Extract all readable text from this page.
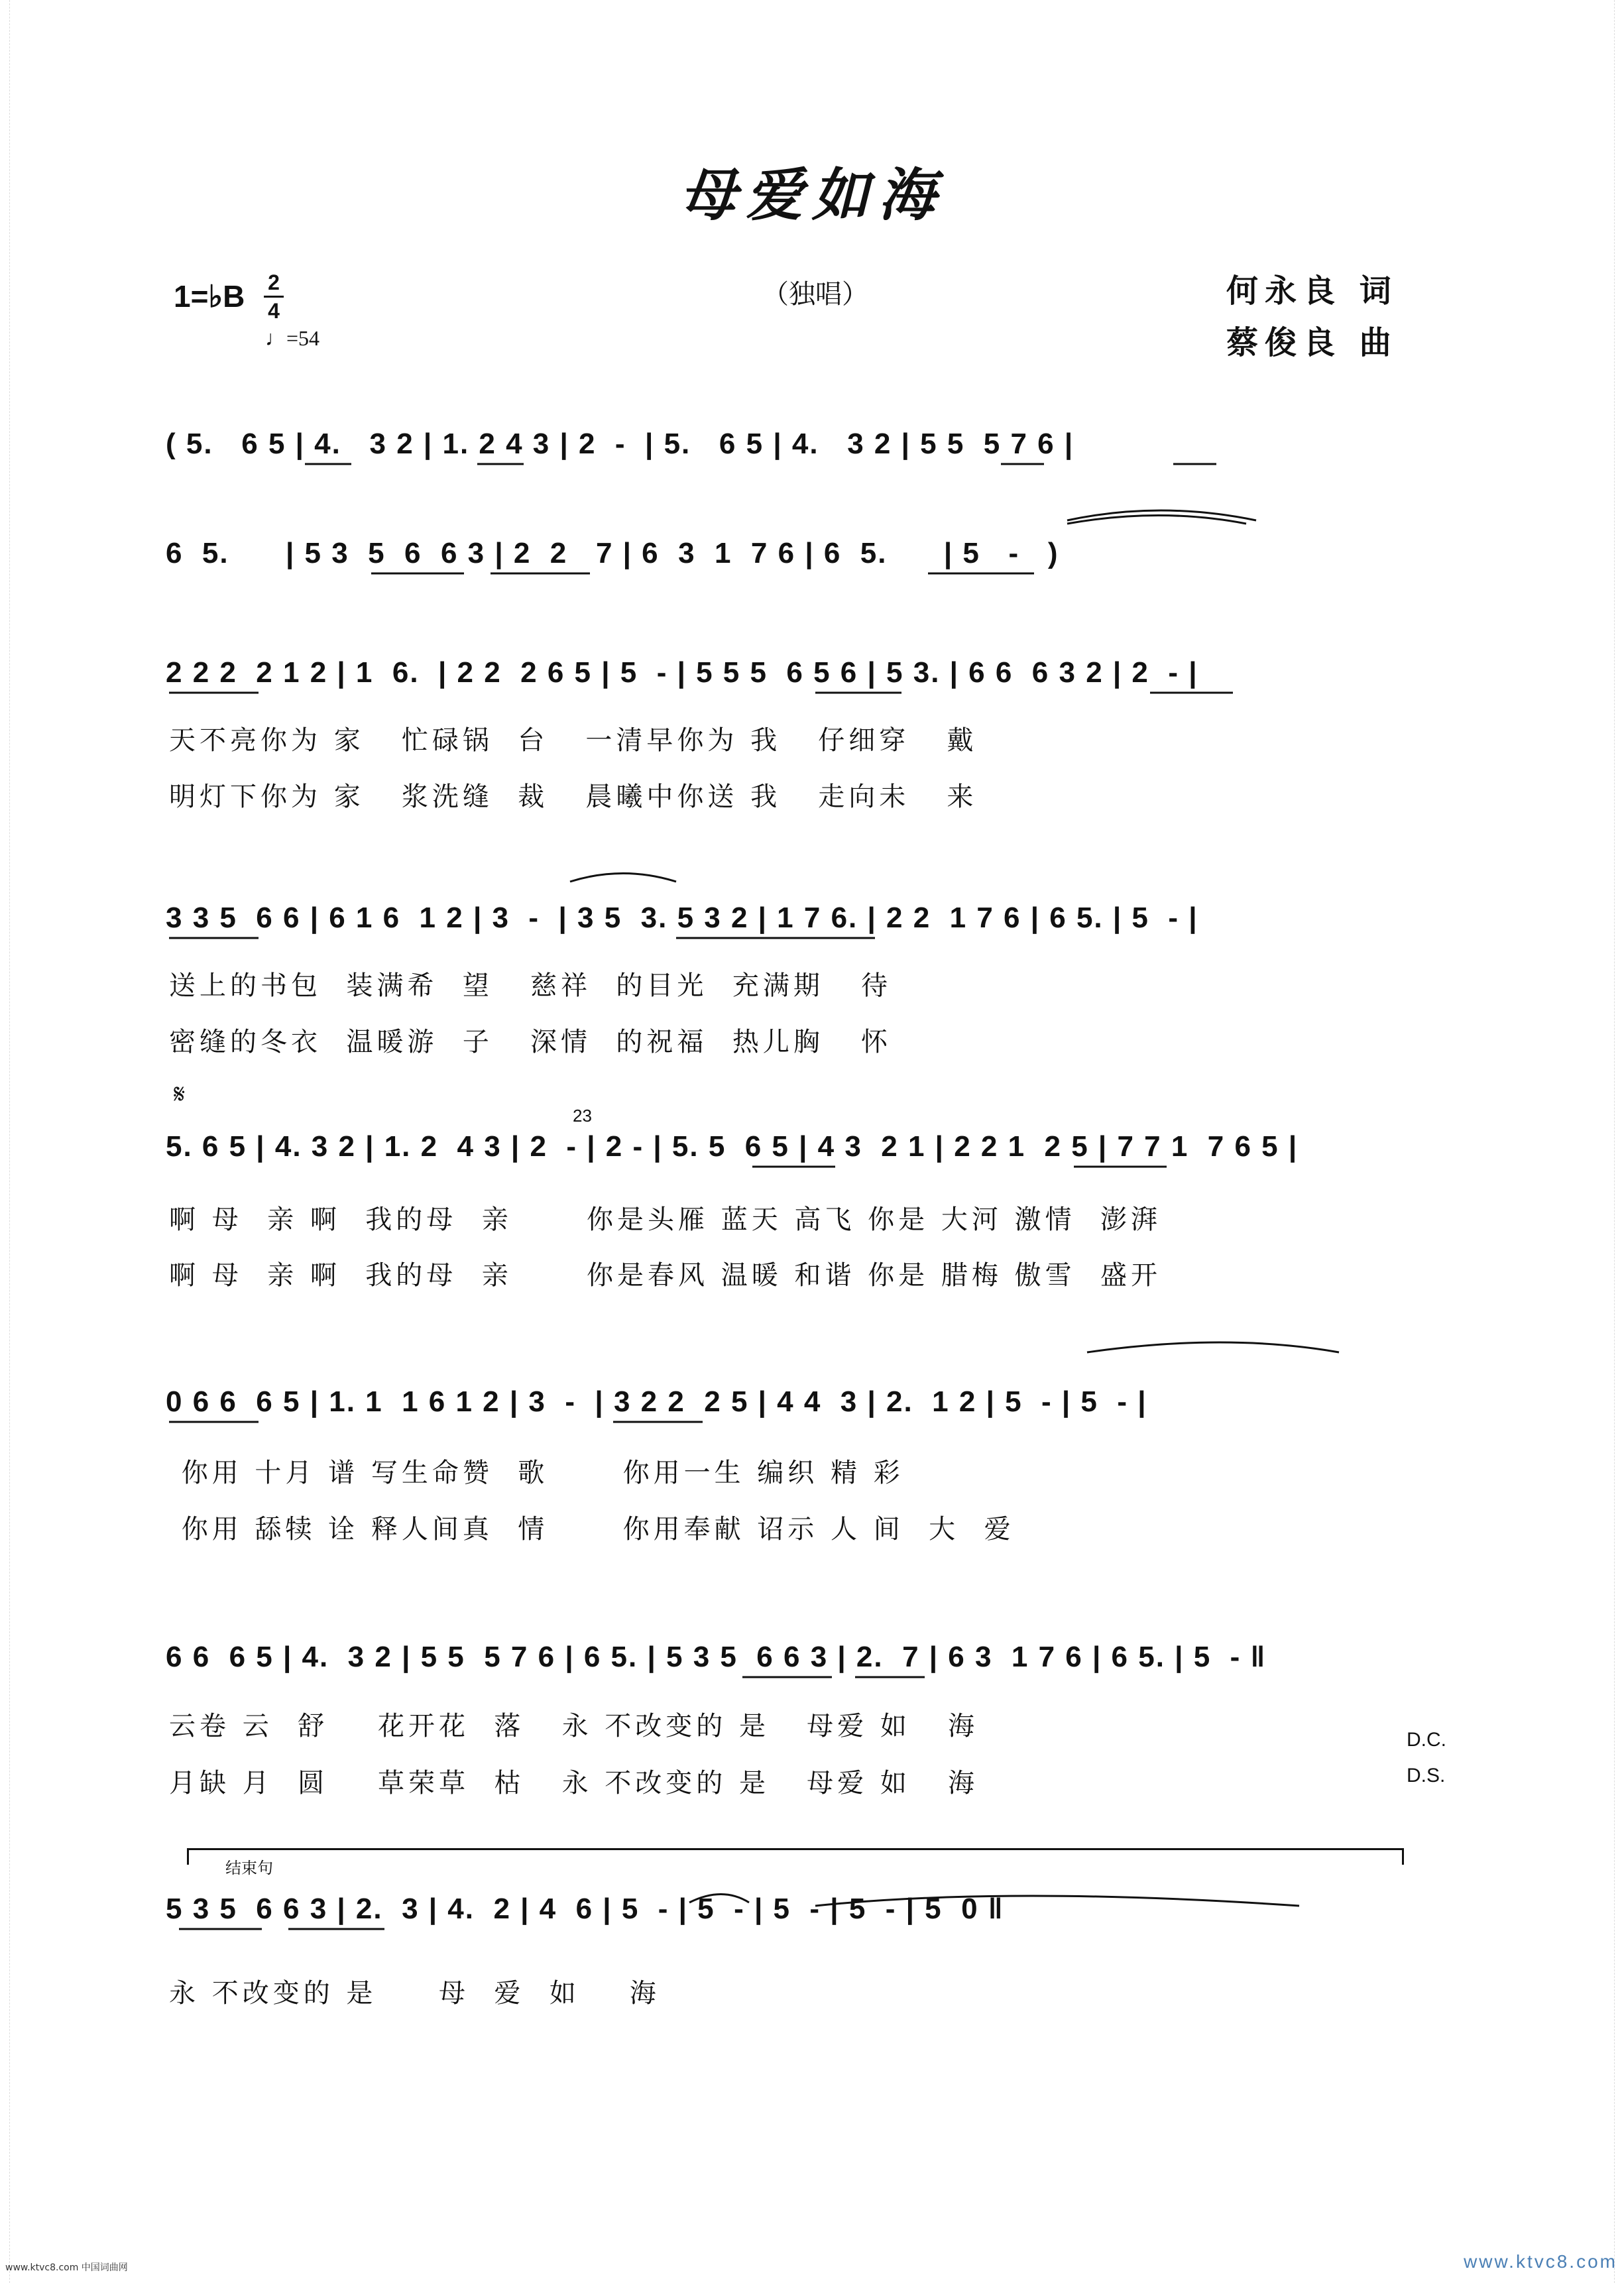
母爱如海
1=♭B 2
4
♩=54
（独唱）	何永良 词
蔡俊良 曲
( 5.   6 5 | 4.   3 2 | 1. 2 4 3 | 2  -  | 5.   6 5 | 4.   3 2 | 5 5  5 7 6 |
6  5.      | 5 3  5  6  6 3 | 2  2   7 | 6  3  1  7 6 | 6  5.      | 5   -   )
2 2 2  2 1 2 | 1  6.  | 2 2  2 6 5 | 5  - | 5 5 5  6 5 6 | 5 3. | 6 6  6 3 2 | 2  - |
天不亮你为 家   忙碌锅  台   一清早你为 我   仔细穿   戴
明灯下你为 家   浆洗缝  裁   晨曦中你送 我   走向未   来
3 3 5  6 6 | 6 1 6  1 2 | 3  -  | 3 5  3. 5 3 2 | 1 7 6. | 2 2  1 7 6 | 6 5. | 5  - |
送上的书包  装满希  望   慈祥  的目光  充满期   待
密缝的冬衣  温暖游  子   深情  的祝福  热儿胸   怀
𝄋
23
5. 6 5 | 4. 3 2 | 1. 2  4 3 | 2  - | 2 - | 5. 5  6 5 | 4 3  2 1 | 2 2 1  2 5 | 7 7 1  7 6 5 |
啊 母  亲 啊  我的母  亲      你是头雁 蓝天 高飞 你是 大河 激情  澎湃
啊 母  亲 啊  我的母  亲      你是春风 温暖 和谐 你是 腊梅 傲雪  盛开
0 6 6  6 5 | 1. 1  1 6 1 2 | 3  -  | 3 2 2  2 5 | 4 4  3 | 2.  1 2 | 5  - | 5  - |
你用 十月 谱 写生命赞  歌      你用一生 编织 精 彩
你用 舔犊 诠 释人间真  情      你用奉献 诏示 人 间  大  爱
6 6  6 5 | 4.  3 2 | 5 5  5 7 6 | 6 5. | 5 3 5  6 6 3 | 2.  7 | 6 3  1 7 6 | 6 5. | 5  - ‖
云卷 云  舒    花开花  落   永 不改变的 是   母爱 如   海
月缺 月  圆    草荣草  枯   永 不改变的 是   母爱 如   海
D.C.
D.S.
结束句
5 3 5  6 6 3 | 2.  3 | 4.  2 | 4  6 | 5  - | 5  - | 5  - | 5  - | 5  0 ‖
永 不改变的 是     母  爱  如    海
www.ktvc8.com 中国词曲网	www.ktvc8.com
